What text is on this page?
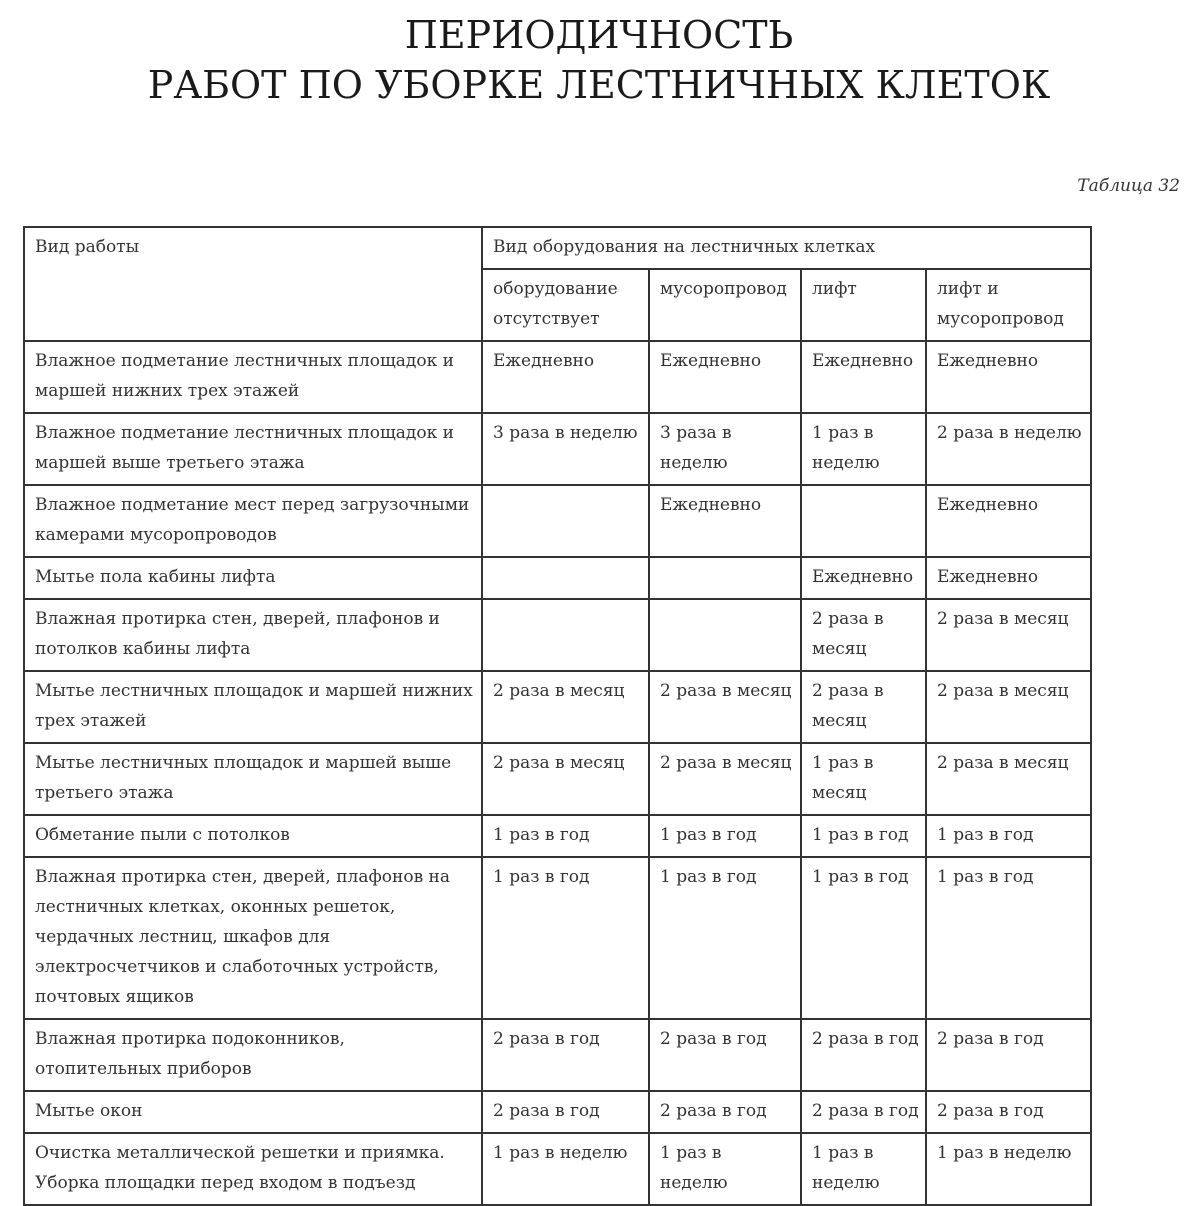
ПЕРИОДИЧНОСТЬ
РАБОТ ПО УБОРКЕ ЛЕСТНИЧНЫХ КЛЕТОК
Таблица 32
Вид работы	Вид оборудования на лестничных клетках			
	оборудование отсутствует	мусоропровод	лифт	лифт и мусоропровод
Влажное подметание лестничных площадок и маршей нижних трех этажей	Ежедневно	Ежедневно	Ежедневно	Ежедневно
Влажное подметание лестничных площадок и маршей выше третьего этажа	3 раза в неделю	3 раза в неделю	1 раз в неделю	2 раза в неделю
Влажное подметание мест перед загрузочными камерами мусоропроводов		Ежедневно		Ежедневно
Мытье пола кабины лифта			Ежедневно	Ежедневно
Влажная протирка стен, дверей, плафонов и потолков кабины лифта			2 раза в месяц	2 раза в месяц
Мытье лестничных площадок и маршей нижних трех этажей	2 раза в месяц	2 раза в месяц	2 раза в месяц	2 раза в месяц
Мытье лестничных площадок и маршей выше третьего этажа	2 раза в месяц	2 раза в месяц	1 раз в месяц	2 раза в месяц
Обметание пыли с потолков	1 раз в год	1 раз в год	1 раз в год	1 раз в год
Влажная протирка стен, дверей, плафонов на лестничных клетках, оконных решеток, чердачных лестниц, шкафов для электросчетчиков и слаботочных устройств, почтовых ящиков	1 раз в год	1 раз в год	1 раз в год	1 раз в год
Влажная протирка подоконников, отопительных приборов	2 раза в год	2 раза в год	2 раза в год	2 раза в год
Мытье окон	2 раза в год	2 раза в год	2 раза в год	2 раза в год
Очистка металлической решетки и приямка. Уборка площадки перед входом в подъезд	1 раз в неделю	1 раз в неделю	1 раз в неделю	1 раз в неделю
